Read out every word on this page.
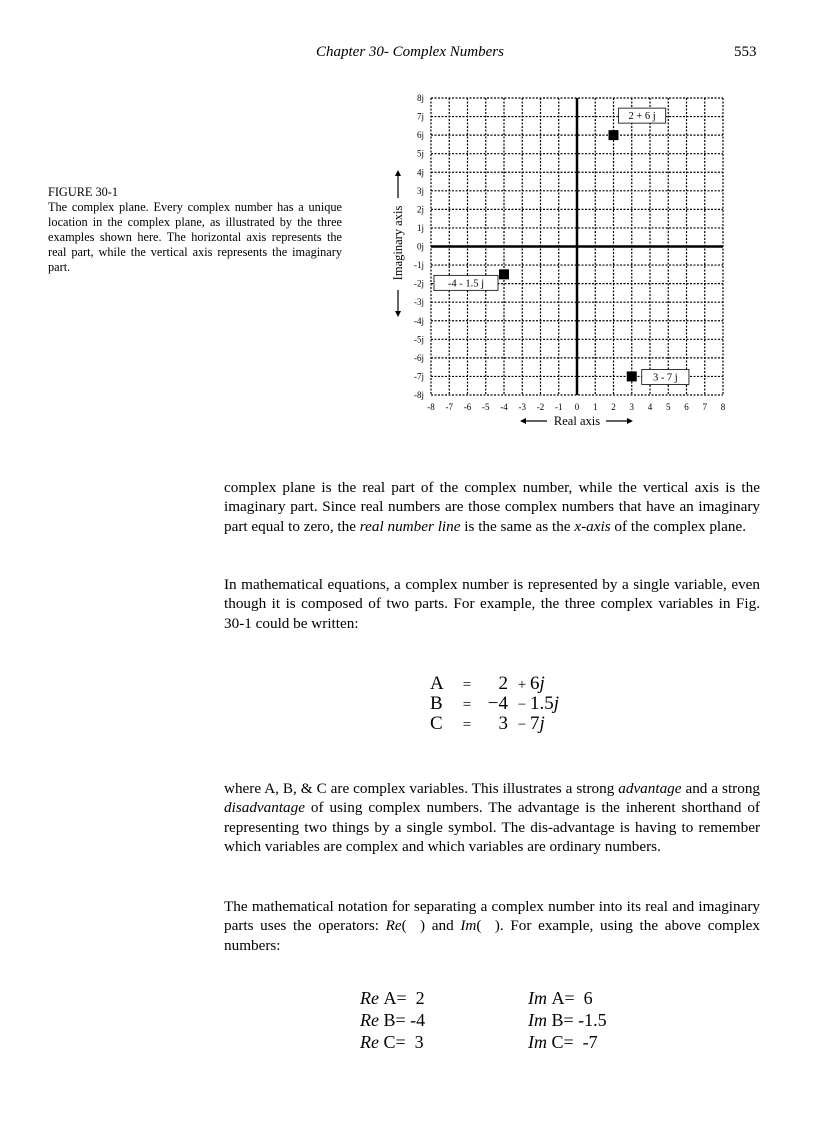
Chapter 30- Complex Numbers	553
FIGURE 30-1
The complex plane. Every complex number has a unique location in the complex plane, as illustrated by the three examples shown here. The horizontal axis represents the real part, while the vertical axis represents the imaginary part.
-8 -7 -6 -5 -4 -3 -2 -1 0 1 2 3 4 5 6 7 8
8j
7j
6j
5j
4j
3j
2j
1j
0j
-1j
-2j
-3j
-4j
-5j
-6j
-7j
-8j
Real axis
Imaginary axis
2 + 6 j
-4 - 1.5 j
3 - 7 j
complex plane is the real part of the complex number, while the vertical axis is the imaginary part. Since real numbers are those complex numbers that have an imaginary part equal to zero, the real number line is the same as the x-axis of the complex plane.
In mathematical equations, a complex number is represented by a single variable, even though it is composed of two parts. For example, the three complex variables in Fig. 30-1 could be written:
A = 2 + 6j
B = −4 − 1.5j
C = 3 − 7j
where A, B, & C are complex variables. This illustrates a strong advantage and a strong disadvantage of using complex numbers. The advantage is the inherent shorthand of representing two things by a single symbol. The dis-advantage is having to remember which variables are complex and which variables are ordinary numbers.
The mathematical notation for separating a complex number into its real and imaginary parts uses the operators: Re(  ) and Im(  ). For example, using the above complex numbers:
Re A=  2	Im A=  6
Re B= -4	Im B= -1.5
Re C=  3	Im C=  -7
